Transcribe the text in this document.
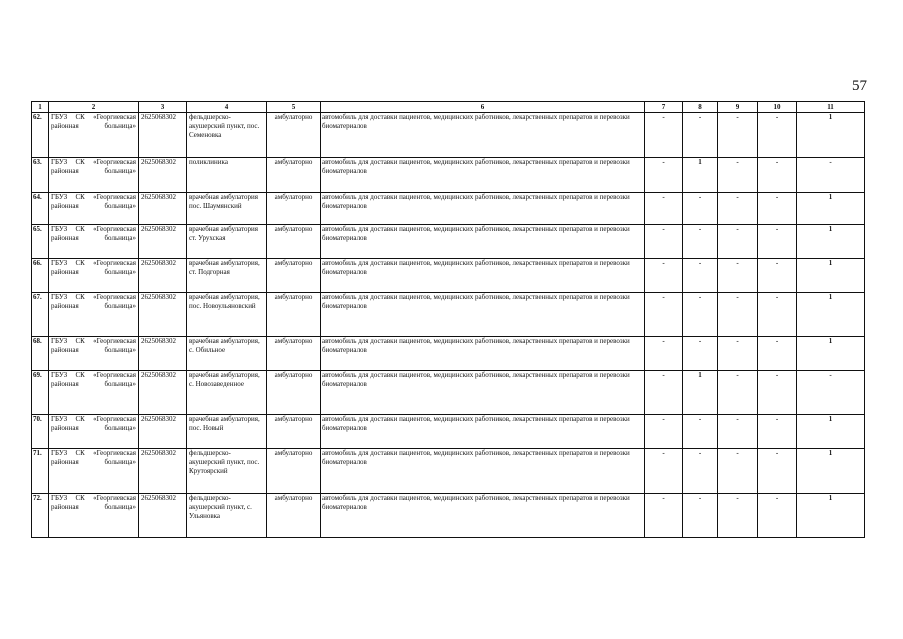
57
1	2	3	4	5	6	7	8	9	10	11
62.	ГБУЗ СК «Георгиевская районная больница»	2625068302	фельдшерско-акушерский пункт, пос. Семеновка	амбулаторно	автомобиль для доставки пациентов, медицинских работников, лекарственных препаратов и перевозки биоматериалов	-	-	-	-	1
63.	ГБУЗ СК «Георгиевская районная больница»	2625068302	поликлиника	амбулаторно	автомобиль для доставки пациентов, медицинских работников, лекарственных препаратов и перевозки биоматериалов	-	1	-	-	-
64.	ГБУЗ СК «Георгиевская районная больница»	2625068302	врачебная амбулатория пос. Шаумянский	амбулаторно	автомобиль для доставки пациентов, медицинских работников, лекарственных препаратов и перевозки биоматериалов	-	-	-	-	1
65.	ГБУЗ СК «Георгиевская районная больница»	2625068302	врачебная амбулатория ст. Урухская	амбулаторно	автомобиль для доставки пациентов, медицинских работников, лекарственных препаратов и перевозки биоматериалов	-	-	-	-	1
66.	ГБУЗ СК «Георгиевская районная больница»	2625068302	врачебная амбулатория, ст. Подгорная	амбулаторно	автомобиль для доставки пациентов, медицинских работников, лекарственных препаратов и перевозки биоматериалов	-	-	-	-	1
67.	ГБУЗ СК «Георгиевская районная больница»	2625068302	врачебная амбулатория, пос. Новоульяновский	амбулаторно	автомобиль для доставки пациентов, медицинских работников, лекарственных препаратов и перевозки биоматериалов	-	-	-	-	1
68.	ГБУЗ СК «Георгиевская районная больница»	2625068302	врачебная амбулатория, с. Обильное	амбулаторно	автомобиль для доставки пациентов, медицинских работников, лекарственных препаратов и перевозки биоматериалов	-	-	-	-	1
69.	ГБУЗ СК «Георгиевская районная больница»	2625068302	врачебная амбулатория, с. Новозаведенное	амбулаторно	автомобиль для доставки пациентов, медицинских работников, лекарственных препаратов и перевозки биоматериалов	-	1	-	-	-
70.	ГБУЗ СК «Георгиевская районная больница»	2625068302	врачебная амбулатория, пос. Новый	амбулаторно	автомобиль для доставки пациентов, медицинских работников, лекарственных препаратов и перевозки биоматериалов	-	-	-	-	1
71.	ГБУЗ СК «Георгиевская районная больница»	2625068302	фельдшерско-акушерский пункт, пос. Крутоярский	амбулаторно	автомобиль для доставки пациентов, медицинских работников, лекарственных препаратов и перевозки биоматериалов	-	-	-	-	1
72.	ГБУЗ СК «Георгиевская районная больница»	2625068302	фельдшерско-акушерский пункт, с. Ульяновка	амбулаторно	автомобиль для доставки пациентов, медицинских работников, лекарственных препаратов и перевозки биоматериалов	-	-	-	-	1
